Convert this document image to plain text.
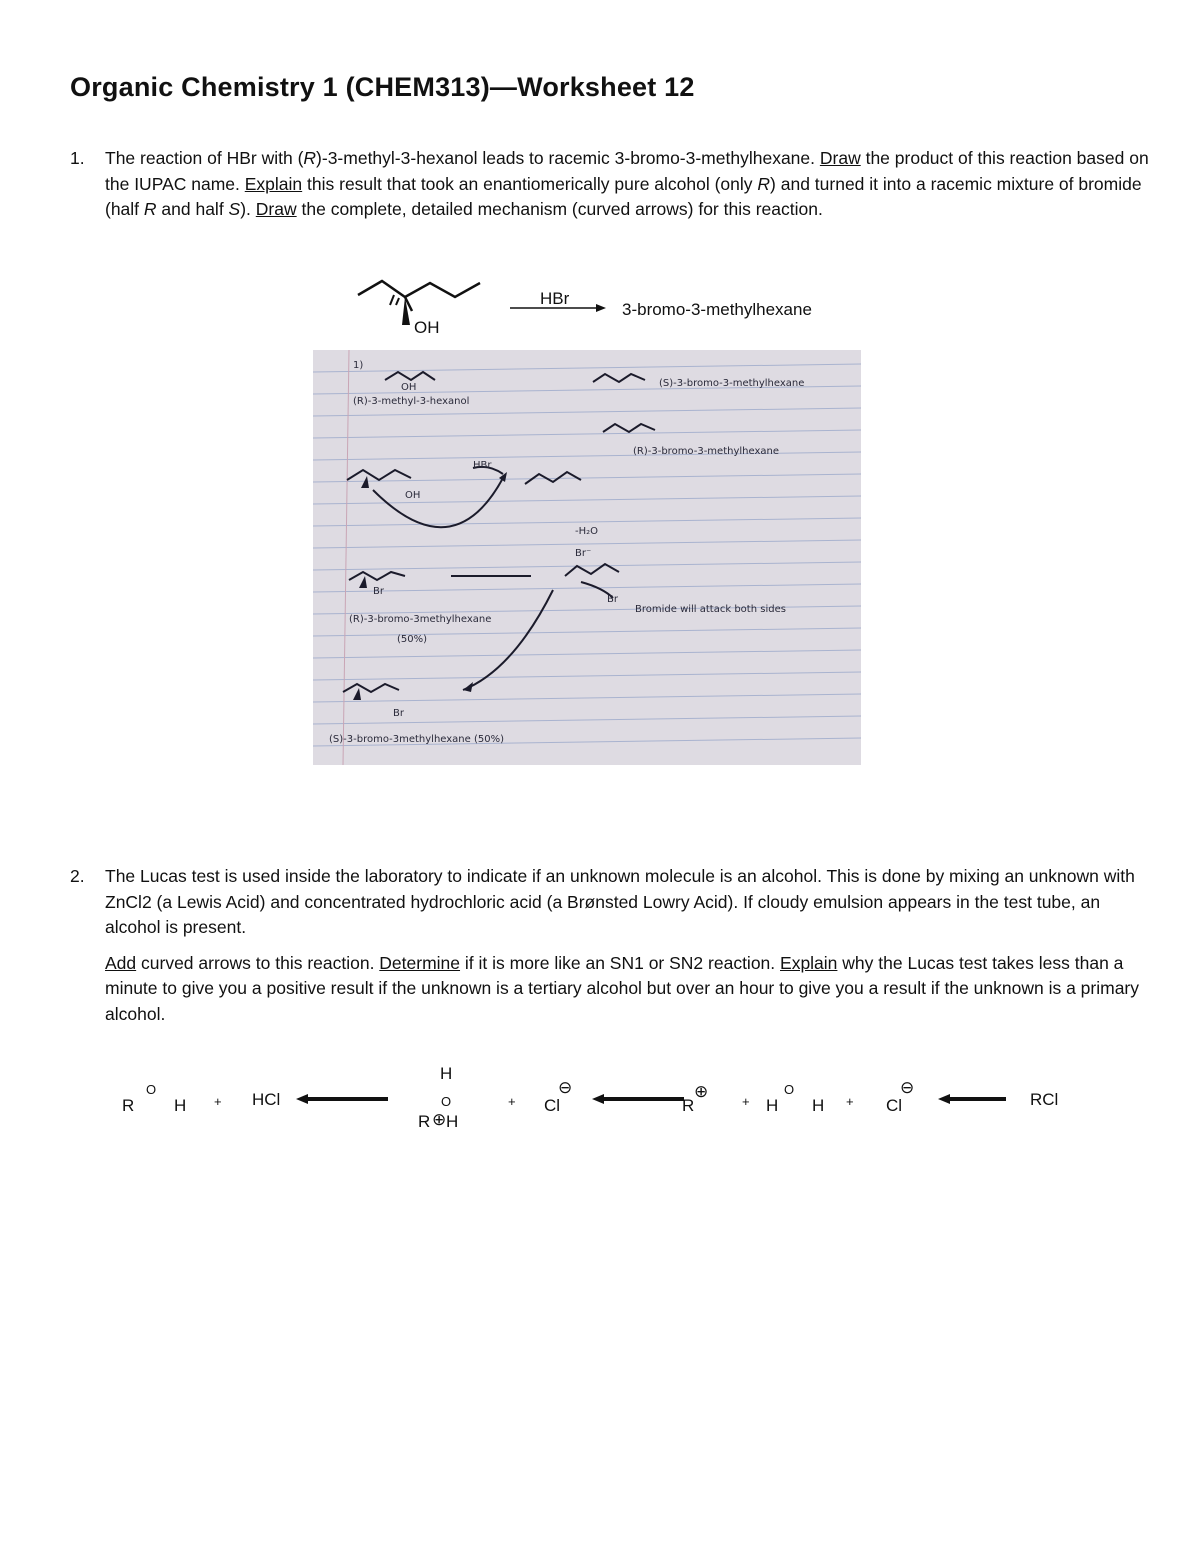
Organic Chemistry 1 (CHEM313)—Worksheet 12
1. The reaction of HBr with (R)-3-methyl-3-hexanol leads to racemic 3-bromo-3-methylhexane. Draw the product of this reaction based on the IUPAC name. Explain this result that took an enantiomerically pure alcohol (only R) and turned it into a racemic mixture of bromide (half R and half S). Draw the complete, detailed mechanism (curved arrows) for this reaction.
OH
HBr
3-bromo-3-methylhexane
1)
OH
(R)-3-methyl-3-hexanol
(S)-3-bromo-3-methylhexane
(R)-3-bromo-3-methylhexane
HBr
OH
-H₂O
Br⁻
Br
Br
(R)-3-bromo-3methylhexane
(50%)
Bromide will attack both sides
Br
(S)-3-bromo-3methylhexane (50%)
2. The Lucas test is used inside the laboratory to indicate if an unknown molecule is an alcohol. This is done by mixing an unknown with ZnCl2 (a Lewis Acid) and concentrated hydrochloric acid (a Brønsted Lowry Acid). If cloudy emulsion appears in the test tube, an alcohol is present.
Add curved arrows to this reaction. Determine if it is more like an SN1 or SN2 reaction. Explain why the Lucas test takes less than a minute to give you a positive result if the unknown is a tertiary alcohol but over an hour to give you a result if the unknown is a primary alcohol.
R
O
H + HCl
H
O
R H
⊕
+ Cl
⊖
R
⊕
+ H
O
H + Cl
⊖
RCl
